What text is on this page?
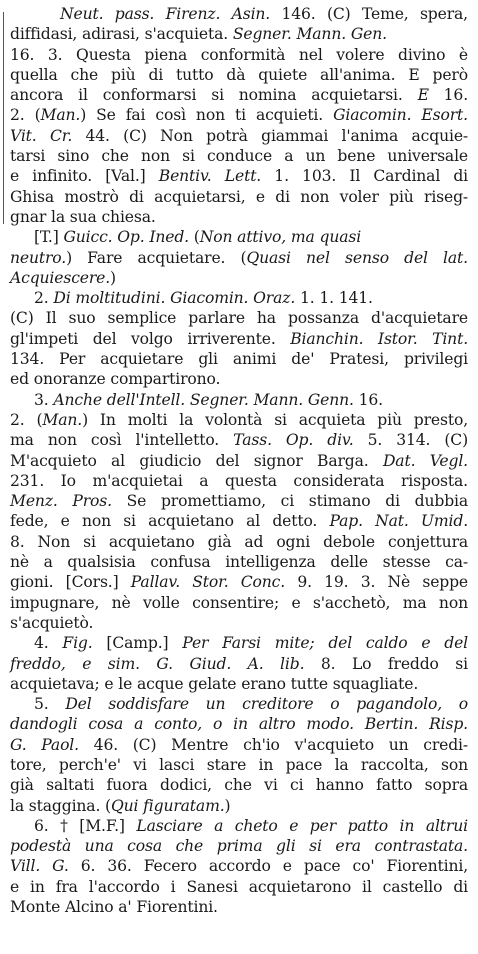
Neut. pass. Firenz. Asin. 146. (C) Teme, spera,
diffidasi, adirasi, s'acquieta. Segner. Mann. Gen.
16. 3. Questa piena conformità nel volere divino è
quella che più di tutto dà quiete all'anima. E però
ancora il conformarsi si nomina acquietarsi. E 16.
2. (Man.) Se fai così non ti acquieti. Giacomin. Esort.
Vit. Cr. 44. (C) Non potrà giammai l'anima acquie-
tarsi sino che non si conduce a un bene universale
e infinito. [Val.] Bentiv. Lett. 1. 103. Il Cardinal di
Ghisa mostrò di acquietarsi, e di non voler più riseg-
gnar la sua chiesa.
[T.] Guicc. Op. Ined. (Non attivo, ma quasi
neutro.) Fare acquietare. (Quasi nel senso del lat.
Acquiescere.)
2. Di moltitudini. Giacomin. Oraz. 1. 1. 141.
(C) Il suo semplice parlare ha possanza d'acquietare
gl'impeti del volgo irriverente. Bianchin. Istor. Tint.
134. Per acquietare gli animi de' Pratesi, privilegi
ed onoranze compartirono.
3. Anche dell'Intell. Segner. Mann. Genn. 16.
2. (Man.) In molti la volontà si acquieta più presto,
ma non così l'intelletto. Tass. Op. div. 5. 314. (C)
M'acquieto al giudicio del signor Barga. Dat. Vegl.
231. Io m'acquietai a questa considerata risposta.
Menz. Pros. Se promettiamo, ci stimano di dubbia
fede, e non si acquietano al detto. Pap. Nat. Umid.
8. Non si acquietano già ad ogni debole conjettura
nè a qualsisia confusa intelligenza delle stesse ca-
gioni. [Cors.] Pallav. Stor. Conc. 9. 19. 3. Nè seppe
impugnare, nè volle consentire; e s'acchetò, ma non
s'acquietò.
4. Fig. [Camp.] Per Farsi mite; del caldo e del
freddo, e sim. G. Giud. A. lib. 8. Lo freddo si
acquietava; e le acque gelate erano tutte squagliate.
5. Del soddisfare un creditore o pagandolo, o
dandogli cosa a conto, o in altro modo. Bertin. Risp.
G. Paol. 46. (C) Mentre ch'io v'acquieto un credi-
tore, perch'e' vi lasci stare in pace la raccolta, son
già saltati fuora dodici, che vi ci hanno fatto sopra
la staggina. (Qui figuratam.)
6. † [M.F.] Lasciare a cheto e per patto in altrui
podestà una cosa che prima gli si era contrastata.
Vill. G. 6. 36. Fecero accordo e pace co' Fiorentini,
e in fra l'accordo i Sanesi acquietarono il castello di
Monte Alcino a' Fiorentini.
